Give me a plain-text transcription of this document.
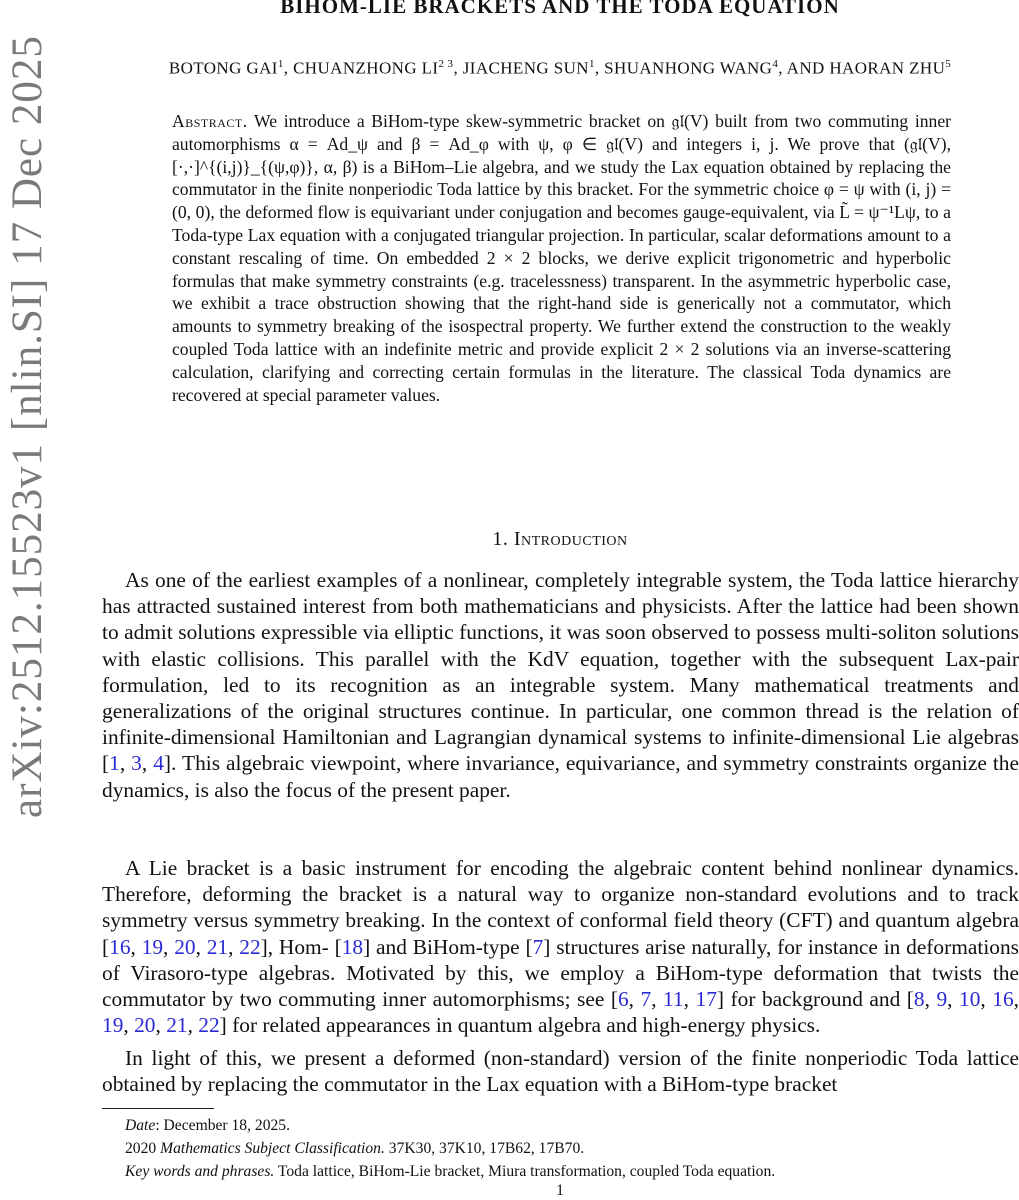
arXiv:2512.15523v1 [nlin.SI] 17 Dec 2025
BIHOM-LIE BRACKETS AND THE TODA EQUATION
BOTONG GAI$^1$, CHUANZHONG $LI^{2 3}$, JIACHENG SUN$^1$, SHUANHONG WANG$^4$, AND HAORAN ZHU$^5$
Abstract. We introduce a BiHom-type skew-symmetric bracket on 𝔤𝔩(V) built from two commuting inner automorphisms α = Ad_ψ and β = Ad_φ with ψ, φ ∈ 𝔤𝔩(V) and integers i, j. We prove that (𝔤𝔩(V), [·,·]^{(i,j)}_{(ψ,φ)}, α, β) is a BiHom–Lie algebra, and we study the Lax equation obtained by replacing the commutator in the finite nonperiodic Toda lattice by this bracket. For the symmetric choice φ = ψ with (i, j) = (0, 0), the deformed flow is equivariant under conjugation and becomes gauge-equivalent, via L̃ = ψ⁻¹Lψ, to a Toda-type Lax equation with a conjugated triangular projection. In particular, scalar deformations amount to a constant rescaling of time. On embedded 2 × 2 blocks, we derive explicit trigonometric and hyperbolic formulas that make symmetry constraints (e.g. tracelessness) transparent. In the asymmetric hyperbolic case, we exhibit a trace obstruction showing that the right-hand side is generically not a commutator, which amounts to symmetry breaking of the isospectral property. We further extend the construction to the weakly coupled Toda lattice with an indefinite metric and provide explicit 2 × 2 solutions via an inverse-scattering calculation, clarifying and correcting certain formulas in the literature. The classical Toda dynamics are recovered at special parameter values.
1. Introduction

As one of the earliest examples of a nonlinear, completely integrable system, the Toda lattice hierarchy has attracted sustained interest from both mathematicians and physicists. After the lattice had been shown to admit solutions expressible via elliptic functions, it was soon observed to possess multi-soliton solutions with elastic collisions. This parallel with the KdV equation, together with the subsequent Lax-pair formulation, led to its recognition as an integrable system. Many mathematical treatments and generalizations of the original structures continue. In particular, one common thread is the relation of infinite-dimensional Hamiltonian and Lagrangian dynamical systems to infinite-dimensional Lie algebras [1, 3, 4]. This algebraic viewpoint, where invariance, equivariance, and symmetry constraints organize the dynamics, is also the focus of the present paper.

A Lie bracket is a basic instrument for encoding the algebraic content behind nonlinear dynamics. Therefore, deforming the bracket is a natural way to organize non-standard evolutions and to track symmetry versus symmetry breaking. In the context of conformal field theory (CFT) and quantum algebra [16, 19, 20, 21, 22], Hom- [18] and BiHom-type [7] structures arise naturally, for instance in deformations of Virasoro-type algebras. Motivated by this, we employ a BiHom-type deformation that twists the commutator by two commuting inner automorphisms; see [6, 7, 11, 17] for background and [8, 9, 10, 16, 19, 20, 21, 22] for related appearances in quantum algebra and high-energy physics.

In light of this, we present a deformed (non-standard) version of the finite nonperiodic Toda lattice obtained by replacing the commutator in the Lax equation with a BiHom-type bracket

Date: December 18, 2025.
2020 Mathematics Subject Classification. 37K30, 37K10, 17B62, 17B70.
Key words and phrases. Toda lattice, BiHom-Lie bracket, Miura transformation, coupled Toda equation.
1
